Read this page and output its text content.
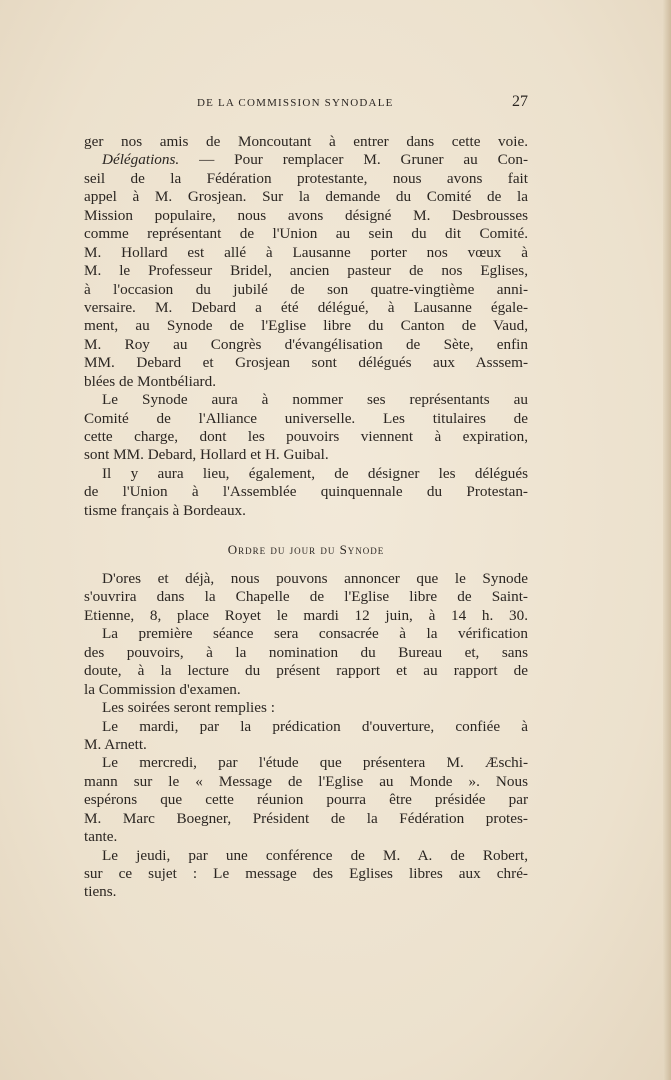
DE LA COMMISSION SYNODALE	27
ger nos amis de Moncoutant à entrer dans cette voie.
Délégations. — Pour remplacer M. Gruner au Con-
seil de la Fédération protestante, nous avons fait
appel à M. Grosjean. Sur la demande du Comité de la
Mission populaire, nous avons désigné M. Desbrousses
comme représentant de l'Union au sein du dit Comité.
M. Hollard est allé à Lausanne porter nos vœux à
M. le Professeur Bridel, ancien pasteur de nos Eglises,
à l'occasion du jubilé de son quatre-vingtième anni-
versaire. M. Debard a été délégué, à Lausanne égale-
ment, au Synode de l'Eglise libre du Canton de Vaud,
M. Roy au Congrès d'évangélisation de Sète, enfin
MM. Debard et Grosjean sont délégués aux Asssem-
blées de Montbéliard.
Le Synode aura à nommer ses représentants au
Comité de l'Alliance universelle. Les titulaires de
cette charge, dont les pouvoirs viennent à expiration,
sont MM. Debard, Hollard et H. Guibal.
Il y aura lieu, également, de désigner les délégués
de l'Union à l'Assemblée quinquennale du Protestan-
tisme français à Bordeaux.
Ordre du jour du Synode
D'ores et déjà, nous pouvons annoncer que le Synode
s'ouvrira dans la Chapelle de l'Eglise libre de Saint-
Etienne, 8, place Royet le mardi 12 juin, à 14 h. 30.
La première séance sera consacrée à la vérification
des pouvoirs, à la nomination du Bureau et, sans
doute, à la lecture du présent rapport et au rapport de
la Commission d'examen.
Les soirées seront remplies :
Le mardi, par la prédication d'ouverture, confiée à
M. Arnett.
Le mercredi, par l'étude que présentera M. Æschi-
mann sur le « Message de l'Eglise au Monde ». Nous
espérons que cette réunion pourra être présidée par
M. Marc Boegner, Président de la Fédération protes-
tante.
Le jeudi, par une conférence de M. A. de Robert,
sur ce sujet : Le message des Eglises libres aux chré-
tiens.
